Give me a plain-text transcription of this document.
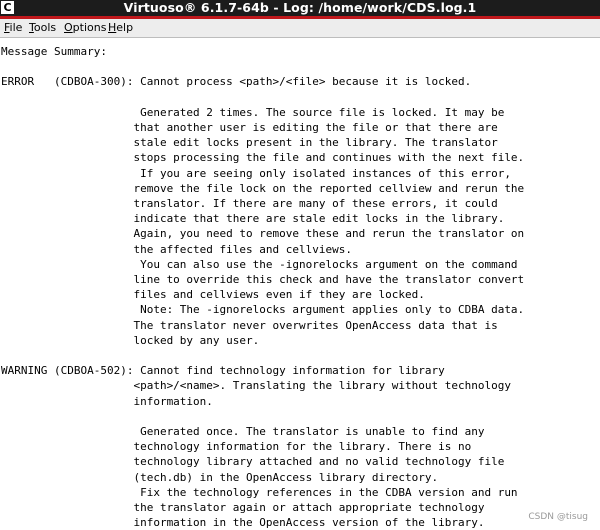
C	Virtuoso® 6.1.7-64b - Log: /home/work/CDS.log.1
File Tools Options Help
Message Summary:

ERROR   (CDBOA-300): Cannot process <path>/<file> because it is locked.

Generated 2 times. The source file is locked. It may be
that another user is editing the file or that there are
stale edit locks present in the library. The translator
stops processing the file and continues with the next file.
If you are seeing only isolated instances of this error,
remove the file lock on the reported cellview and rerun the
translator. If there are many of these errors, it could
indicate that there are stale edit locks in the library.
Again, you need to remove these and rerun the translator on
the affected files and cellviews.
You can also use the -ignorelocks argument on the command
line to override this check and have the translator convert
files and cellviews even if they are locked.
Note: The -ignorelocks argument applies only to CDBA data.
The translator never overwrites OpenAccess data that is
locked by any user.

WARNING (CDBOA-502): Cannot find technology information for library
<path>/<name>. Translating the library without technology
information.

Generated once. The translator is unable to find any
technology information for the library. There is no
technology library attached and no valid technology file
(tech.db) in the OpenAccess library directory.
Fix the technology references in the CDBA version and run
the translator again or attach appropriate technology
information in the OpenAccess version of the library.	CSDN @tisug
